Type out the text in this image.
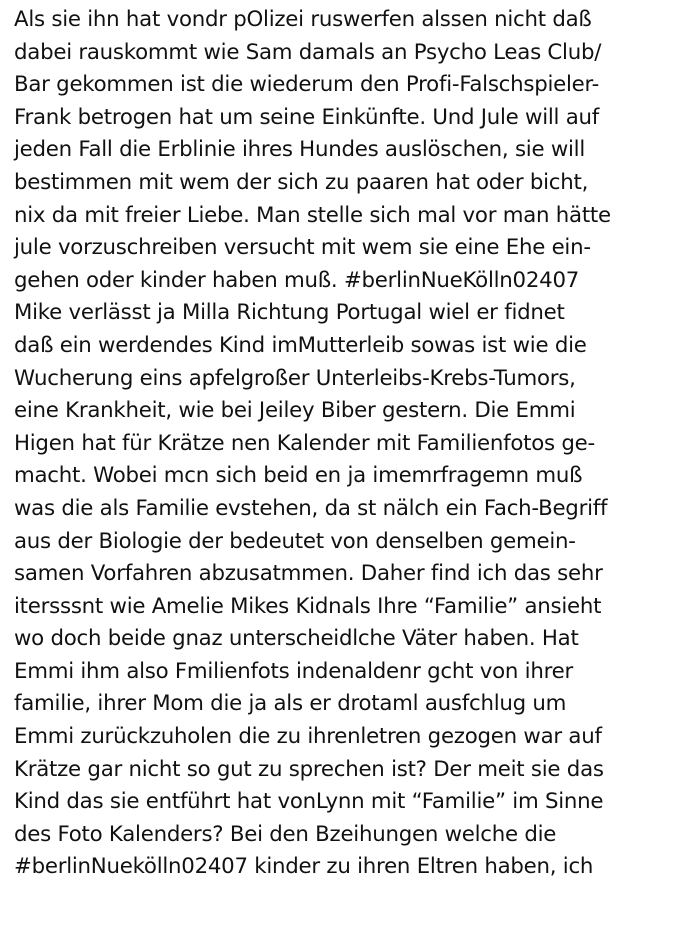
Als sie ihn hat vondr pOlizei ruswerfen alssen nicht daß
dabei rauskommt wie Sam damals an Psycho Leas Club/
Bar gekommen ist die wiederum den Profi-Falschspieler-
Frank betrogen hat um seine Einkünfte. Und Jule will auf
jeden Fall die Erblinie ihres Hundes auslöschen, sie will
bestimmen mit wem der sich zu paaren hat oder bicht,
nix da mit freier Liebe. Man stelle sich mal vor man hätte
jule vorzuschreiben versucht mit wem sie eine Ehe ein-
gehen oder kinder haben muß. #berlinNueKölln02407
Mike verlässt ja Milla Richtung Portugal wiel er fidnet
daß ein werdendes Kind imMutterleib sowas ist wie die
Wucherung eins apfelgroßer Unterleibs-Krebs-Tumors,
eine Krankheit, wie bei Jeiley Biber gestern. Die Emmi
Higen hat für Krätze nen Kalender mit Familienfotos ge-
macht. Wobei mcn sich beid en ja imemrfragemn muß
was die als Familie evstehen, da st nälch ein Fach-Begriff
aus der Biologie der bedeutet von denselben gemein-
samen Vorfahren abzusatmmen. Daher find ich das sehr
itersssnt wie Amelie Mikes Kidnals Ihre “Familie” ansieht
wo doch beide gnaz unterscheidlche Väter haben. Hat
Emmi ihm also Fmilienfots indenaldenr gcht von ihrer
familie, ihrer Mom die ja als er drotaml ausfchlug um
Emmi zurückzuholen die zu ihrenletren gezogen war auf
Krätze gar nicht so gut zu sprechen ist? Der meit sie das
Kind das sie entführt hat vonLynn mit “Familie” im Sinne
des Foto Kalenders? Bei den Bzeihungen welche die
#berlinNuekölln02407 kinder zu ihren Eltren haben, ich
